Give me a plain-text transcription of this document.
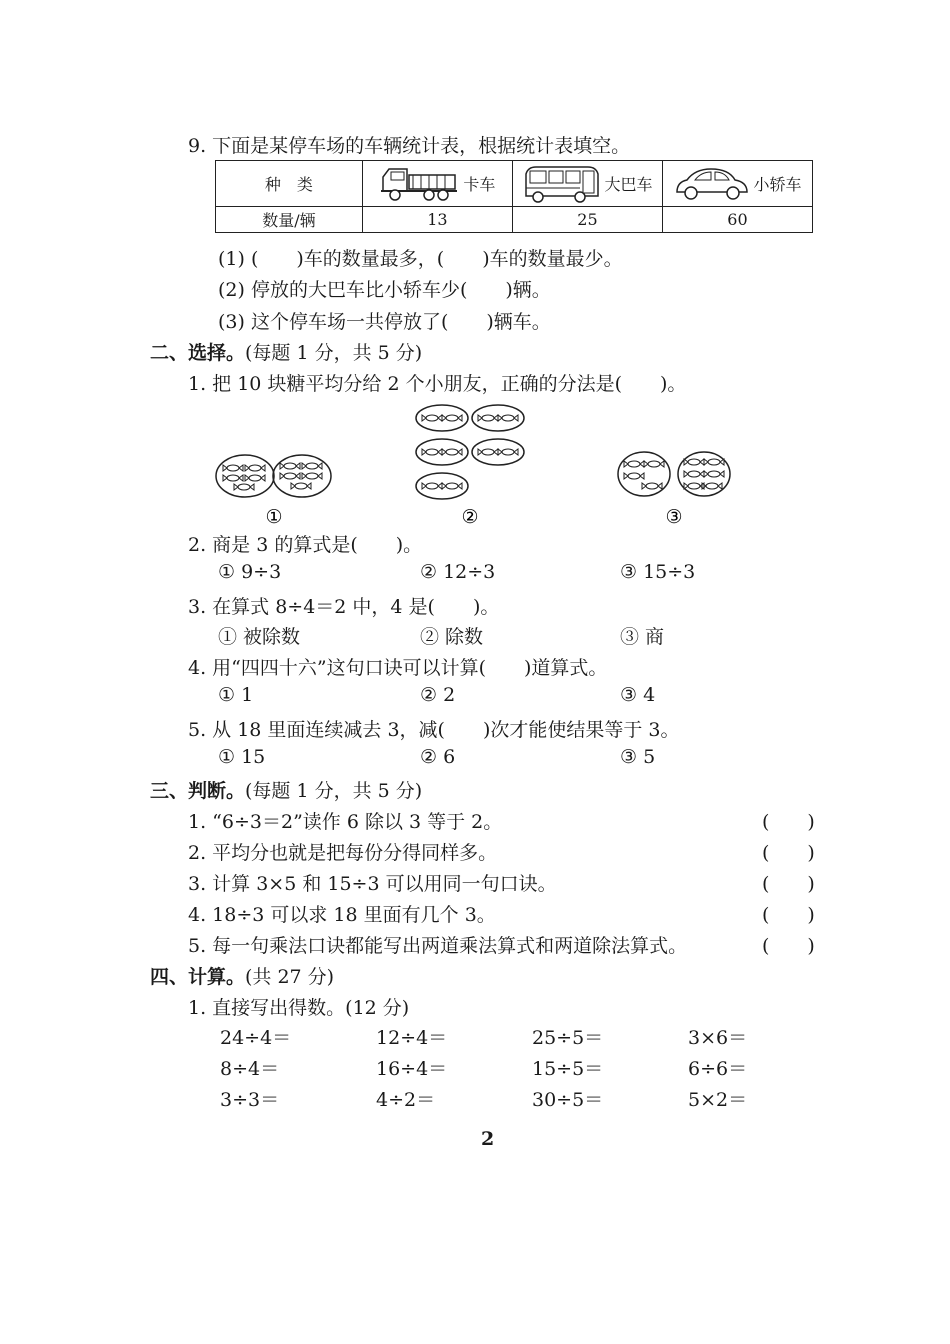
9. 下面是某停车场的车辆统计表，根据统计表填空。
种　类	卡车	大巴车	小轿车

数量/辆	13	25	60
(1) (　　)车的数量最多，(　　)车的数量最少。
(2) 停放的大巴车比小轿车少(　　)辆。
(3) 这个停车场一共停放了(　　)辆车。
二、选择。(每题 1 分，共 5 分)
1. 把 10 块糖平均分给 2 个小朋友，正确的分法是(　　)。
①	②	③
2. 商是 3 的算式是(　　)。
① 9÷3	② 12÷3	③ 15÷3
3. 在算式 8÷4＝2 中，4 是(　　)。
① 被除数	② 除数	③ 商
4. 用“四四十六”这句口诀可以计算(　　)道算式。
① 1	② 2	③ 4
5. 从 18 里面连续减去 3，减(　　)次才能使结果等于 3。
① 15	② 6	③ 5
三、判断。(每题 1 分，共 5 分)
1. “6÷3＝2”读作 6 除以 3 等于 2。	(　　)
2. 平均分也就是把每份分得同样多。	(　　)
3. 计算 3×5 和 15÷3 可以用同一句口诀。	(　　)
4. 18÷3 可以求 18 里面有几个 3。	(　　)
5. 每一句乘法口诀都能写出两道乘法算式和两道除法算式。	(　　)
四、计算。(共 27 分)
1. 直接写出得数。(12 分)
24÷4＝	12÷4＝	25÷5＝	3×6＝
8÷4＝	16÷4＝	15÷5＝	6÷6＝
3÷3＝	4÷2＝	30÷5＝	5×2＝
2
